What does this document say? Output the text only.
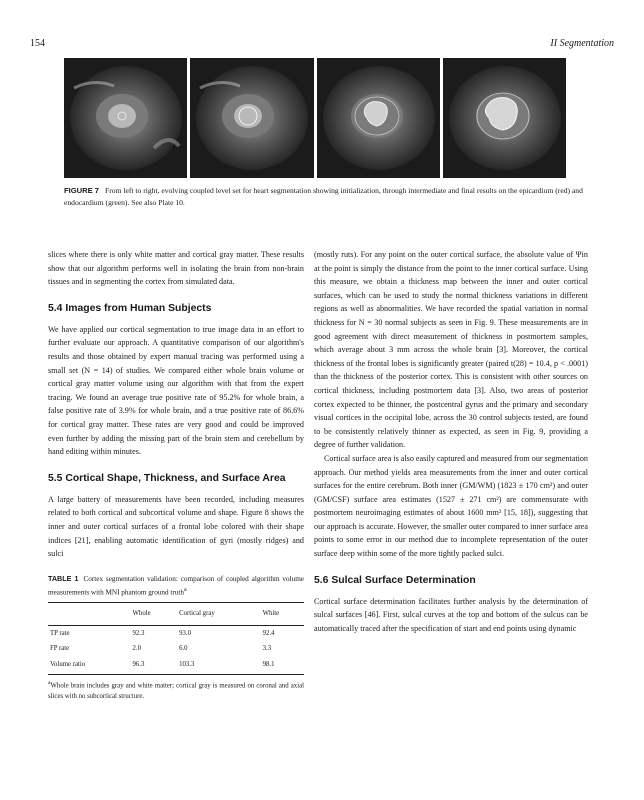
154	II Segmentation
FIGURE 7 From left to right, evolving coupled level set for heart segmentation showing initialization, through intermediate and final results on the epicardium (red) and endocardium (green). See also Plate 10.

slices where there is only white matter and cortical gray matter. These results show that our algorithm performs well in isolating the brain from non-brain tissues and in segmenting the cortex from simulated data.

5.4 Images from Human Subjects

We have applied our cortical segmentation to true image data in an effort to further evaluate our approach. A quantitative comparison of our algorithm's results and those obtained by expert manual tracing was performed using a small set (N = 14) of studies. We compared either whole brain volume or cortical gray matter volume using our algorithm with that from the expert tracing. We found an average true positive rate of 95.2% for whole brain, a false positive rate of 3.9% for whole brain, and a true positive rate of 86.6% for cortical gray matter. These rates are very good and could be improved even further by adding the missing part of the brain stem and cerebellum by hand editing within minutes.

5.5 Cortical Shape, Thickness, and Surface Area

A large battery of measurements have been recorded, including measures related to both cortical and subcortical volume and shape. Figure 8 shows the inner and outer cortical surfaces of a frontal lobe colored with their shape indices [21], enabling automatic identification of gyri (mostly ridges) and sulci

TABLE 1 Cortex segmentation validation: comparison of coupled algorithm volume measurements with MNI phantom ground truth$^a$
	Whole	Cortical gray	White
TP rate	92.3	93.0	92.4
FP rate	2.0	6.0	3.3
Volume ratio	96.3	103.3	98.1
$^a$Whole brain includes gray and white matter; cortical gray is measured on coronal and axial slices with no subcortical structure.

(mostly ruts). For any point on the outer cortical surface, the absolute value of Ψin at the point is simply the distance from the point to the inner cortical surface. Using this measure, we obtain a thickness map between the inner and outer cortical surfaces, which can be used to study the normal thickness variations in different regions as well as abnormalities. We have recorded the spatial variation in normal thickness for N = 30 normal subjects as seen in Fig. 9. These measurements are in good agreement with direct measurement of thickness in postmortem samples, which average about 3 mm across the whole brain [3]. Moreover, the cortical thickness of the frontal lobes is significantly greater (paired t(28) = 10.4, p < .0001) than the thickness of the posterior cortex. This is consistent with other sources on cortical thickness, including postmortem data [3]. Also, two areas of posterior cortex expected to be thinner, the postcentral gyrus and the primary and secondary visual cortices in the occipital lobe, across the 30 control subjects tested, are found to be consistently relatively thinner as expected, as seen in Fig. 9, providing a degree of further validation.

Cortical surface area is also easily captured and measured from our segmentation approach. Our method yields area measurements from the inner and outer cortical surfaces for the entire cerebrum. Both inner (GM/WM) (1823 ± 170 cm²) and outer (GM/CSF) surface area estimates (1527 ± 271 cm²) are commensurate with postmortem neuroimaging estimates of about 1600 mm² [15, 18]), suggesting that our approach is accurate. However, the smaller outer compared to inner surface area points to some error in our method due to incomplete representation of the outer surface deep within some of the more tightly packed sulci.

5.6 Sulcal Surface Determination

Cortical surface determination facilitates further analysis by the determination of sulcal surfaces [46]. First, sulcal curves at the top and bottom of the sulcus can be automatically traced after the specification of start and end points using dynamic
